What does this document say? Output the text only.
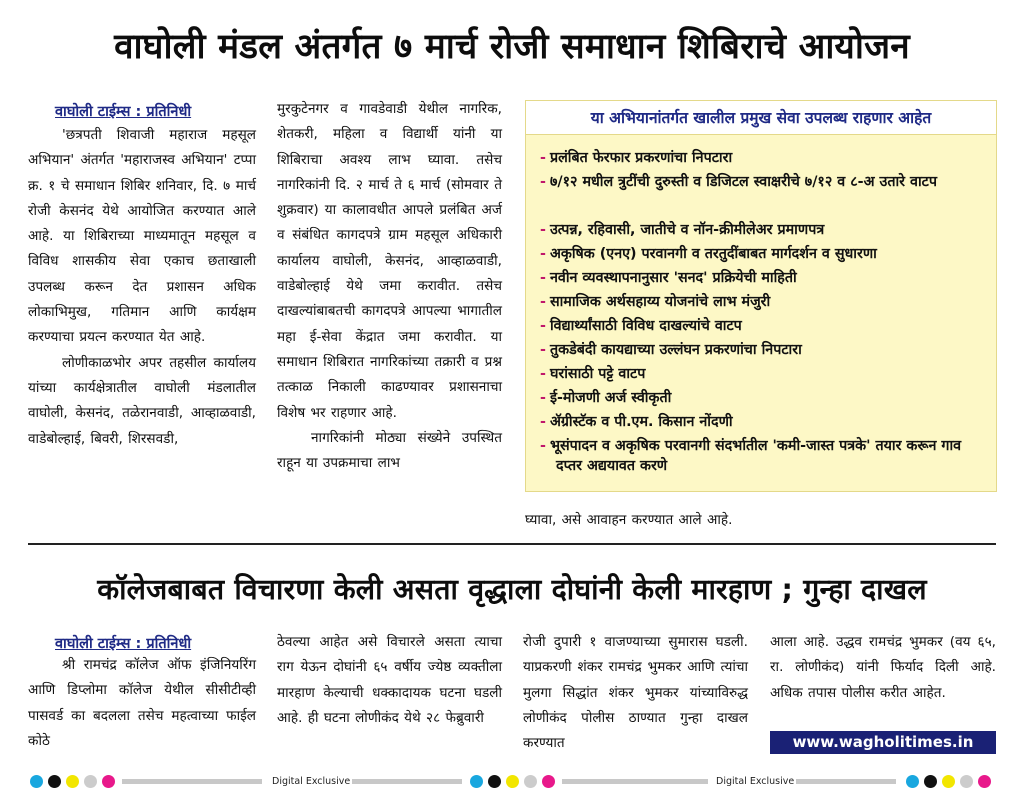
वाघोली मंडल अंतर्गत ७ मार्च रोजी समाधान शिबिराचे आयोजन
वाघोली टाईम्स : प्रतिनिधी

'छत्रपती शिवाजी महाराज महसूल अभियान' अंतर्गत 'महाराजस्व अभियान' टप्पा क्र. १ चे समाधान शिबिर शनिवार, दि. ७ मार्च रोजी केसनंद येथे आयोजित करण्यात आले आहे. या शिबिराच्या माध्यमातून महसूल व विविध शासकीय सेवा एकाच छताखाली उपलब्ध करून देत प्रशासन अधिक लोकाभिमुख, गतिमान आणि कार्यक्षम करण्याचा प्रयत्न करण्यात येत आहे.

लोणीकाळभोर अपर तहसील कार्यालय यांच्या कार्यक्षेत्रातील वाघोली मंडलातील वाघोली, केसनंद, तळेरानवाडी, आव्हाळवाडी, वाडेबोल्हाई, बिवरी, शिरसवडी,

मुरकुटेनगर व गावडेवाडी येथील नागरिक, शेतकरी, महिला व विद्यार्थी यांनी या शिबिराचा अवश्य लाभ घ्यावा. तसेच नागरिकांनी दि. २ मार्च ते ६ मार्च (सोमवार ते शुक्रवार) या कालावधीत आपले प्रलंबित अर्ज व संबंधित कागदपत्रे ग्राम महसूल अधिकारी कार्यालय वाघोली, केसनंद, आव्हाळवाडी, वाडेबोल्हाई येथे जमा करावीत. तसेच दाखल्यांबाबतची कागदपत्रे आपल्या भागातील महा ई-सेवा केंद्रात जमा करावीत. या समाधान शिबिरात नागरिकांच्या तक्रारी व प्रश्न तत्काळ निकाली काढण्यावर प्रशासनाचा विशेष भर राहणार आहे.

नागरिकांनी मोठ्या संख्येने उपस्थित राहून या उपक्रमाचा लाभ

या अभियानांतर्गत खालील प्रमुख सेवा उपलब्ध राहणार आहेत
- प्रलंबित फेरफार प्रकरणांचा निपटारा
- ७/१२ मधील त्रुटींची दुरुस्ती व डिजिटल स्वाक्षरीचे ७/१२ व ८-अ उतारे वाटप
- उत्पन्न, रहिवासी, जातीचे व नॉन-क्रीमीलेअर प्रमाणपत्र
- अकृषिक (एनए) परवानगी व तरतुदींबाबत मार्गदर्शन व सुधारणा
- नवीन व्यवस्थापनानुसार 'सनद' प्रक्रियेची माहिती
- सामाजिक अर्थसहाय्य योजनांचे लाभ मंजुरी
- विद्यार्थ्यांसाठी विविध दाखल्यांचे वाटप
- तुकडेबंदी कायद्याच्या उल्लंघन प्रकरणांचा निपटारा
- घरांसाठी पट्टे वाटप
- ई-मोजणी अर्ज स्वीकृती
- ॲग्रीस्टॅक व पी.एम. किसान नोंदणी
- भूसंपादन व अकृषिक परवानगी संदर्भातील 'कमी-जास्त पत्रके' तयार करून गाव दप्तर अद्ययावत करणे
घ्यावा, असे आवाहन करण्यात आले आहे.
कॉलेजबाबत विचारणा केली असता वृद्धाला दोघांनी केली मारहाण ; गुन्हा दाखल
वाघोली टाईम्स : प्रतिनिधी

श्री रामचंद्र कॉलेज ऑफ इंजिनियरिंग आणि डिप्लोमा कॉलेज येथील सीसीटीव्ही पासवर्ड का बदलला तसेच महत्वाच्या फाईल कोठे

ठेवल्या आहेत असे विचारले असता त्याचा राग येऊन दोघांनी ६५ वर्षीय ज्येष्ठ व्यक्तीला मारहाण केल्याची धक्कादायक घटना घडली आहे. ही घटना लोणीकंद येथे २८ फेब्रुवारी

रोजी दुपारी १ वाजण्याच्या सुमारास घडली. याप्रकरणी शंकर रामचंद्र भुमकर आणि त्यांचा मुलगा सिद्धांत शंकर भुमकर यांच्याविरुद्ध लोणीकंद पोलीस ठाण्यात गुन्हा दाखल करण्यात

आला आहे. उद्धव रामचंद्र भुमकर (वय ६५, रा. लोणीकंद) यांनी फिर्याद दिली आहे. अधिक तपास पोलीस करीत आहेत.

www.wagholitimes.in
Digital Exclusive	Digital Exclusive
